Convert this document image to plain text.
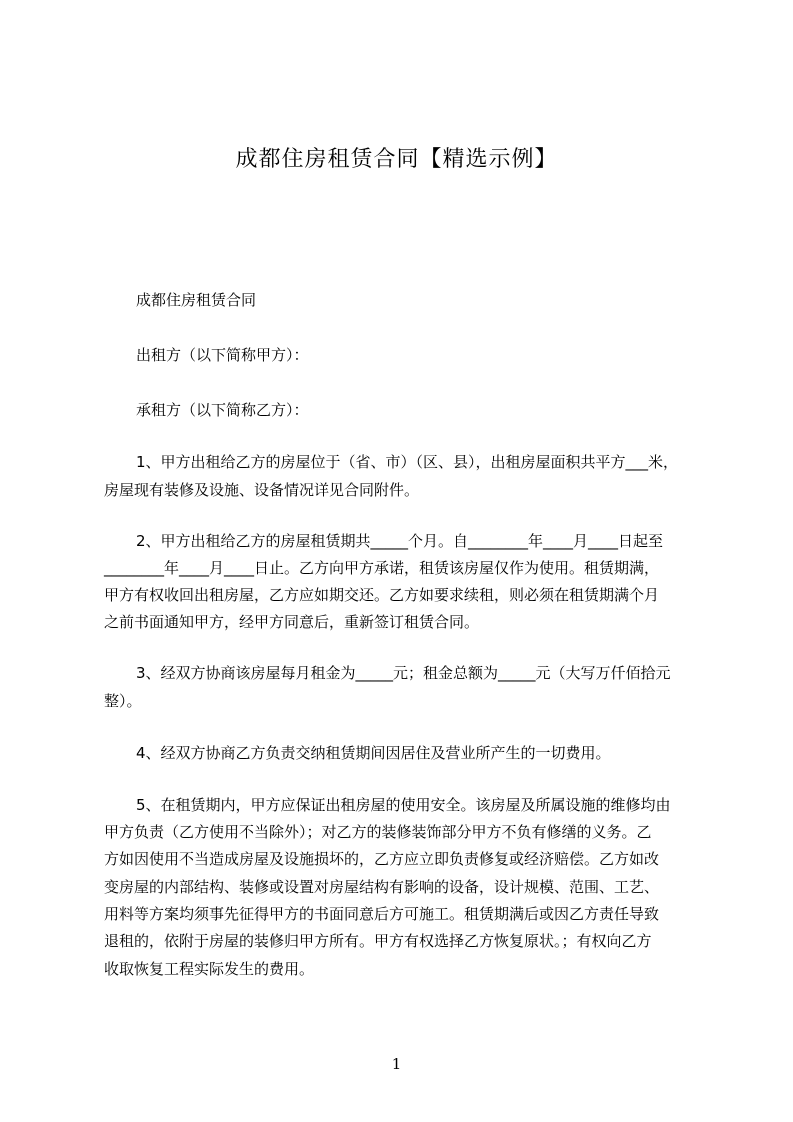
成都住房租赁合同【精选示例】
成都住房租赁合同
出租方（以下简称甲方）：
承租方（以下简称乙方）：
1、甲方出租给乙方的房屋位于（省、市）（区、县），出租房屋面积共平方___米，
房屋现有装修及设施、设备情况详见合同附件。
2、甲方出租给乙方的房屋租赁期共_____个月。自________年____月____日起至
________年____月____日止。乙方向甲方承诺，租赁该房屋仅作为使用。租赁期满，
甲方有权收回出租房屋，乙方应如期交还。乙方如要求续租，则必须在租赁期满个月
之前书面通知甲方，经甲方同意后，重新签订租赁合同。
3、经双方协商该房屋每月租金为_____元；租金总额为_____元（大写万仟佰拾元
整）。
4、经双方协商乙方负责交纳租赁期间因居住及营业所产生的一切费用。
5、在租赁期内，甲方应保证出租房屋的使用安全。该房屋及所属设施的维修均由
甲方负责（乙方使用不当除外）；对乙方的装修装饰部分甲方不负有修缮的义务。乙
方如因使用不当造成房屋及设施损坏的，乙方应立即负责修复或经济赔偿。乙方如改
变房屋的内部结构、装修或设置对房屋结构有影响的设备，设计规模、范围、工艺、
用料等方案均须事先征得甲方的书面同意后方可施工。租赁期满后或因乙方责任导致
退租的，依附于房屋的装修归甲方所有。甲方有权选择乙方恢复原状。；有权向乙方
收取恢复工程实际发生的费用。
1
